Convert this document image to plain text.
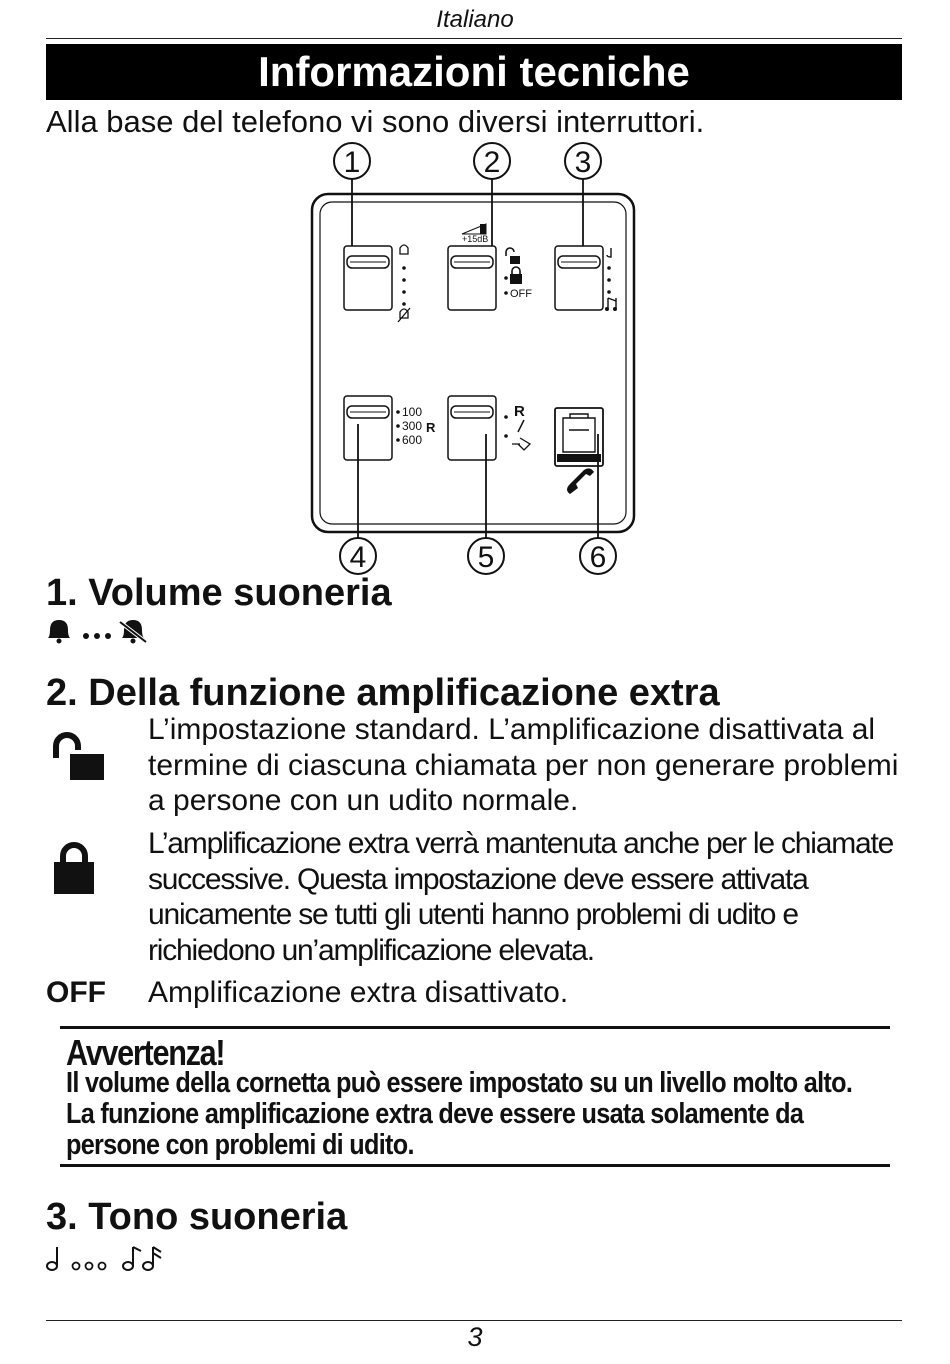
Italiano
Informazioni tecniche
Alla base del telefono vi sono diversi interruttori.
1	2 3
+15dB
OFF
100
300
600
R
R
4	5	6
1. Volume suoneria
2. Della funzione amplificazione extra
L’impostazione standard. L’amplificazione disattivata al termine di ciascuna chiamata per non generare problemi a persone con un udito normale.
L’amplificazione extra verrà mantenuta anche per le chiamate successive. Questa impostazione deve essere attivata unicamente se tutti gli utenti hanno problemi di udito e richiedono un’amplificazione elevata.
OFF Amplificazione extra disattivato.
Avvertenza!
Il volume della cornetta può essere impostato su un livello molto alto. La funzione amplificazione extra deve essere usata solamente da persone con problemi di udito.
3. Tono suoneria
3
